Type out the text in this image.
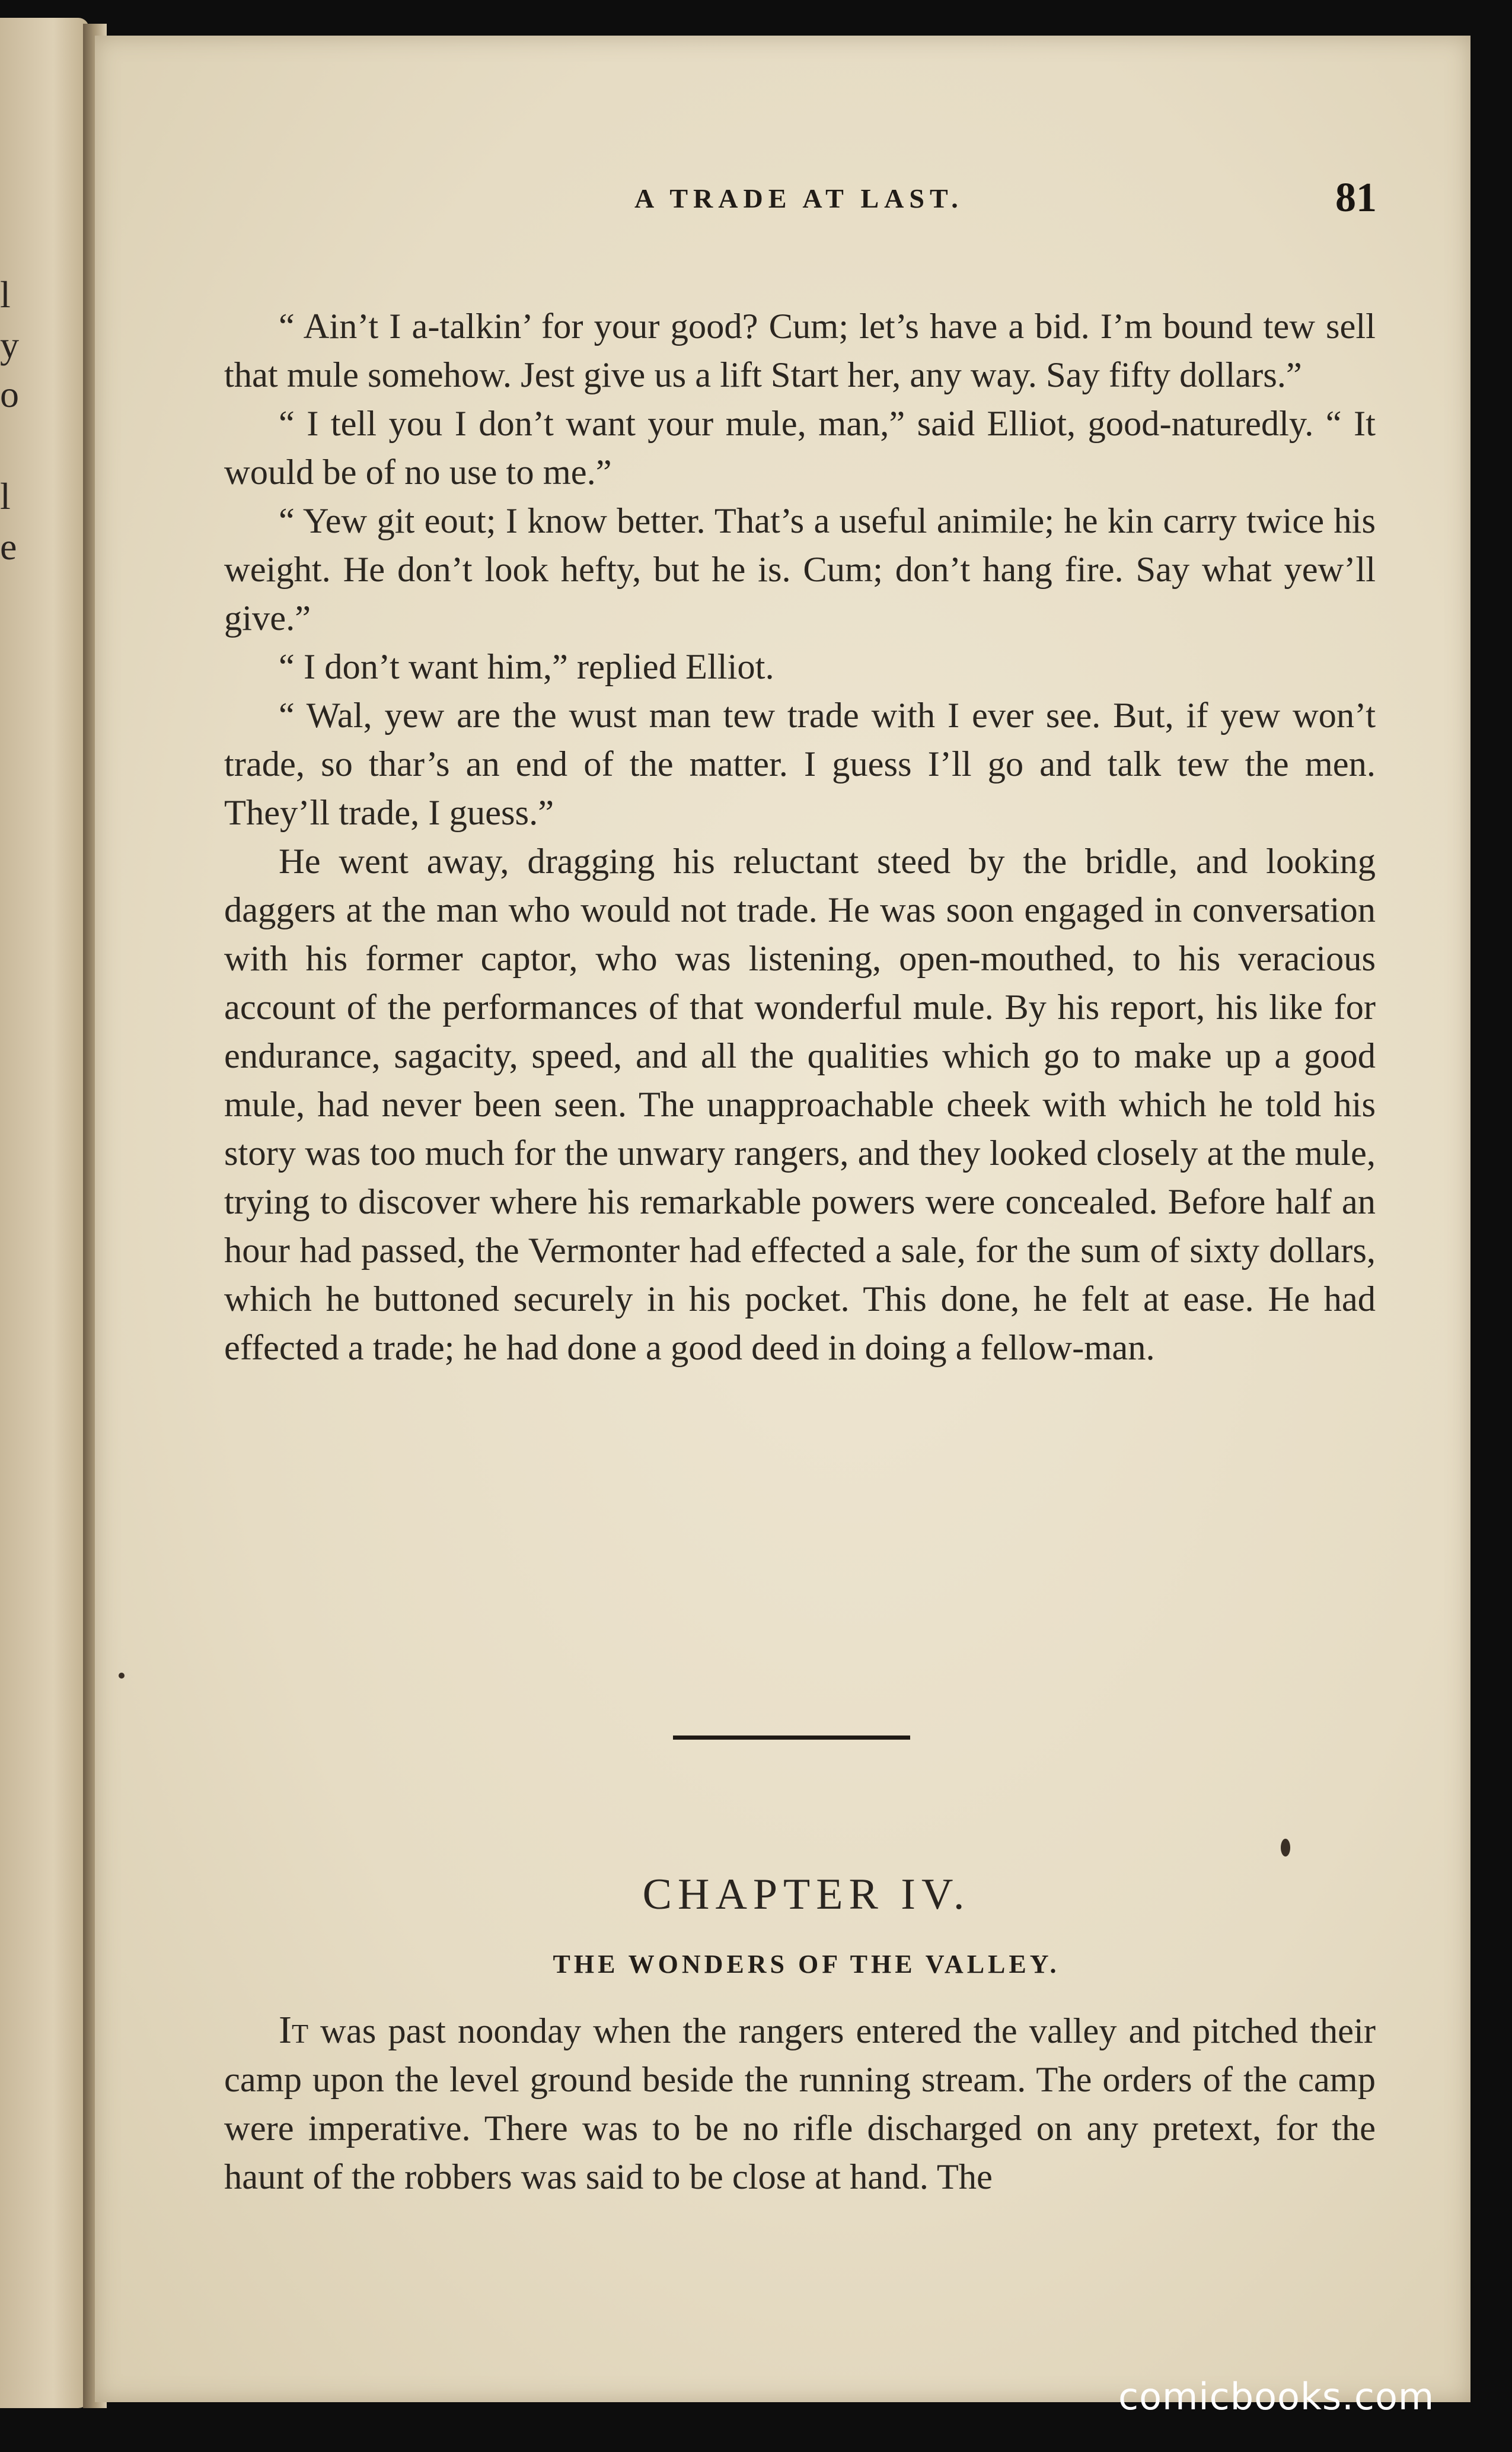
l
y
o
l
e
A TRADE AT LAST.	81

“ Ain’t I a-talkin’ for your good? Cum; let’s have a bid. I’m bound tew sell that mule somehow. Jest give us a lift Start her, any way. Say fifty dollars.”

“ I tell you I don’t want your mule, man,” said Elliot, good-naturedly. “ It would be of no use to me.”

“ Yew git eout; I know better. That’s a useful animile; he kin carry twice his weight. He don’t look hefty, but he is. Cum; don’t hang fire. Say what yew’ll give.”

“ I don’t want him,” replied Elliot.

“ Wal, yew are the wust man tew trade with I ever see. But, if yew won’t trade, so thar’s an end of the matter. I guess I’ll go and talk tew the men. They’ll trade, I guess.”

He went away, dragging his reluctant steed by the bridle, and looking daggers at the man who would not trade. He was soon engaged in conversation with his former captor, who was listening, open-mouthed, to his veracious account of the performances of that wonderful mule. By his report, his like for endurance, sagacity, speed, and all the qualities which go to make up a good mule, had never been seen. The unapproachable cheek with which he told his story was too much for the unwary rangers, and they looked closely at the mule, trying to discover where his remarkable powers were concealed. Before half an hour had passed, the Vermonter had effected a sale, for the sum of sixty dollars, which he buttoned securely in his pocket. This done, he felt at ease. He had effected a trade; he had done a good deed in doing a fellow-man.

CHAPTER IV.
THE WONDERS OF THE VALLEY.

It was past noonday when the rangers entered the valley and pitched their camp upon the level ground beside the running stream. The orders of the camp were imperative. There was to be no rifle discharged on any pretext, for the haunt of the robbers was said to be close at hand. The

comicbooks.com
